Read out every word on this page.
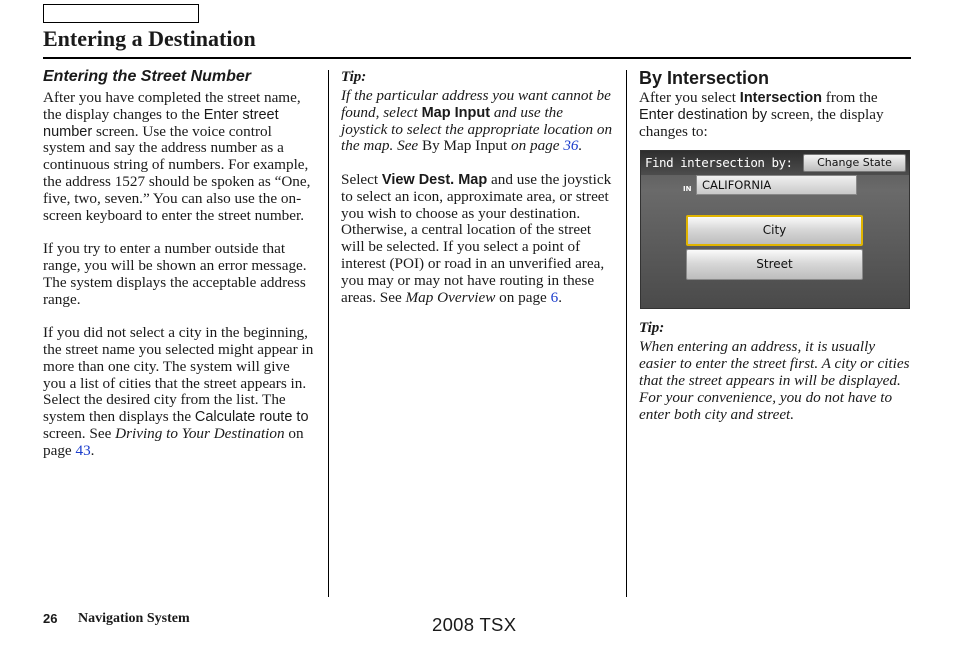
Entering a Destination
Entering the Street Number

After you have completed the street name, the display changes to the Enter street number screen. Use the voice control system and say the address number as a continuous string of numbers. For example, the address 1527 should be spoken as “One, five, two, seven.” You can also use the on-screen keyboard to enter the street number.

If you try to enter a number outside that range, you will be shown an error message. The system displays the acceptable address range.

If you did not select a city in the beginning, the street name you selected might appear in more than one city. The system will give you a list of cities that the street appears in. Select the desired city from the list. The system then displays the Calculate route to screen. See Driving to Your Destination on page 43.

Tip:

If the particular address you want cannot be found, select Map Input and use the joystick to select the appropriate location on the map. See By Map Input on page 36.

Select View Dest. Map and use the joystick to select an icon, approximate area, or street you wish to choose as your destination. Otherwise, a central location of the street will be selected. If you select a point of interest (POI) or road in an unverified area, you may or may not have routing in these areas. See Map Overview on page 6.

By Intersection

After you select Intersection from the Enter destination by screen, the display changes to:

Find intersection by:	Change State
IN CALIFORNIA
City
Street
Tip:

When entering an address, it is usually easier to enter the street first. A city or cities that the street appears in will be displayed. For your convenience, you do not have to enter both city and street.

26 Navigation System	2008 TSX
